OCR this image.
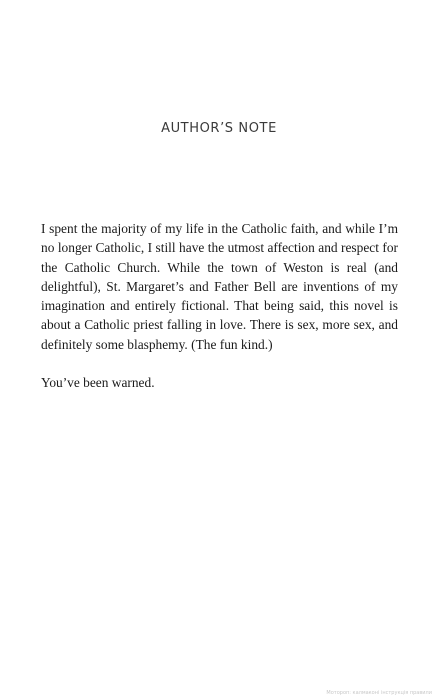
AUTHOR’S NOTE

I spent the majority of my life in the Catholic faith, and while I’m no longer Catholic, I still have the utmost affection and respect for the Catholic Church. While the town of Weston is real (and delightful), St. Margaret’s and Father Bell are inventions of my imagination and entirely fictional. That being said, this novel is about a Catholic priest falling in love. There is sex, more sex, and definitely some blasphemy. (The fun kind.)

You’ve been warned.

Мотороп: калмаконі інструкція правили
